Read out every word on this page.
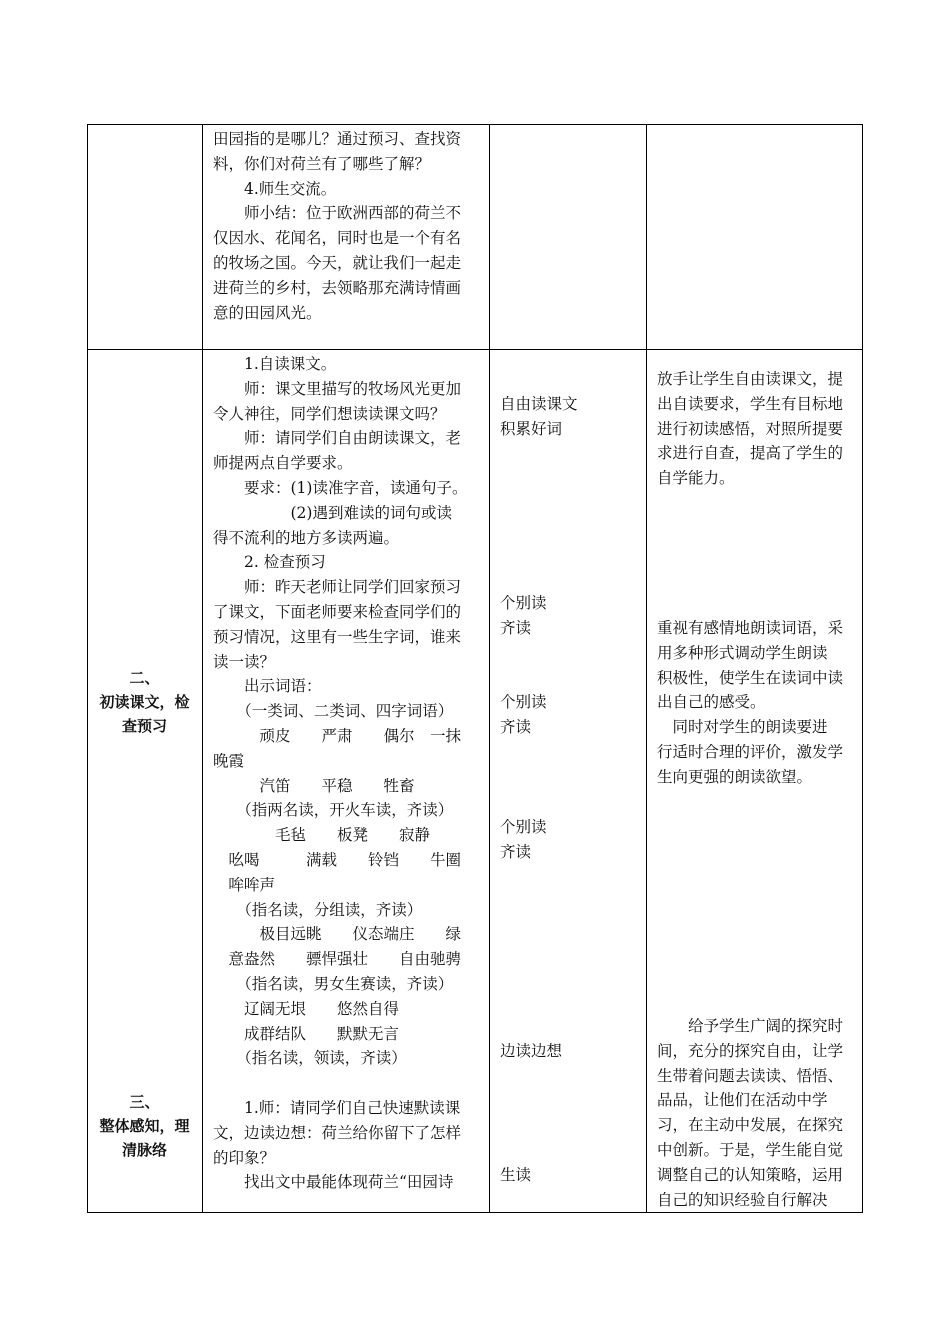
田园指的是哪儿？通过预习、查找资
料，你们对荷兰有了哪些了解？
　　4.师生交流。
　　师小结：位于欧洲西部的荷兰不
仅因水、花闻名，同时也是一个有名
的牧场之国。今天，就让我们一起走
进荷兰的乡村，去领略那充满诗情画
意的田园风光。
二、
初读课文，检
查预习
三、
整体感知，理
清脉络
　　1.自读课文。
　　师：课文里描写的牧场风光更加
令人神往，同学们想读读课文吗？
　　师：请同学们自由朗读课文，老
师提两点自学要求。
　　要求：(1)读准字音，读通句子。
　　　　　(2)遇到难读的词句或读
得不流利的地方多读两遍。
　　2. 检查预习
　　师：昨天老师让同学们回家预习
了课文，下面老师要来检查同学们的
预习情况，这里有一些生字词，谁来
读一读？
　　出示词语：
　　（一类词、二类词、四字词语）
　　　顽皮　　严肃　　偶尔　一抹
晚霞
　　　汽笛　　平稳　　牲畜
　　（指两名读，开火车读，齐读）
　　　　毛毡　　板凳　　寂静
　吆喝　　　满载　　铃铛　　牛圈
　哞哞声
　　（指名读，分组读，齐读）
　　　极目远眺　　仪态端庄　　绿
　意盎然　　骠悍强壮　　自由驰骋
　　（指名读，男女生赛读，齐读）
　　辽阔无垠　　悠然自得
　　成群结队　　默默无言
　　（指名读，领读，齐读）

　　1.师：请同学们自己快速默读课
文，边读边想：荷兰给你留下了怎样
的印象？
　　找出文中最能体现荷兰“田园诗
自由读课文
积累好词
个别读
齐读
个别读
齐读
个别读
齐读
边读边想
生读
放手让学生自由读课文，提
出自读要求，学生有目标地
进行初读感悟，对照所提要
求进行自查，提高了学生的
自学能力。
重视有感情地朗读词语，采
用多种形式调动学生朗读
积极性，使学生在读词中读
出自己的感受。
　同时对学生的朗读要进
行适时合理的评价，激发学
生向更强的朗读欲望。
　　给予学生广阔的探究时
间，充分的探究自由，让学
生带着问题去读读、悟悟、
品品，让他们在活动中学
习，在主动中发展，在探究
中创新。于是，学生能自觉
调整自己的认知策略，运用
自己的知识经验自行解决
